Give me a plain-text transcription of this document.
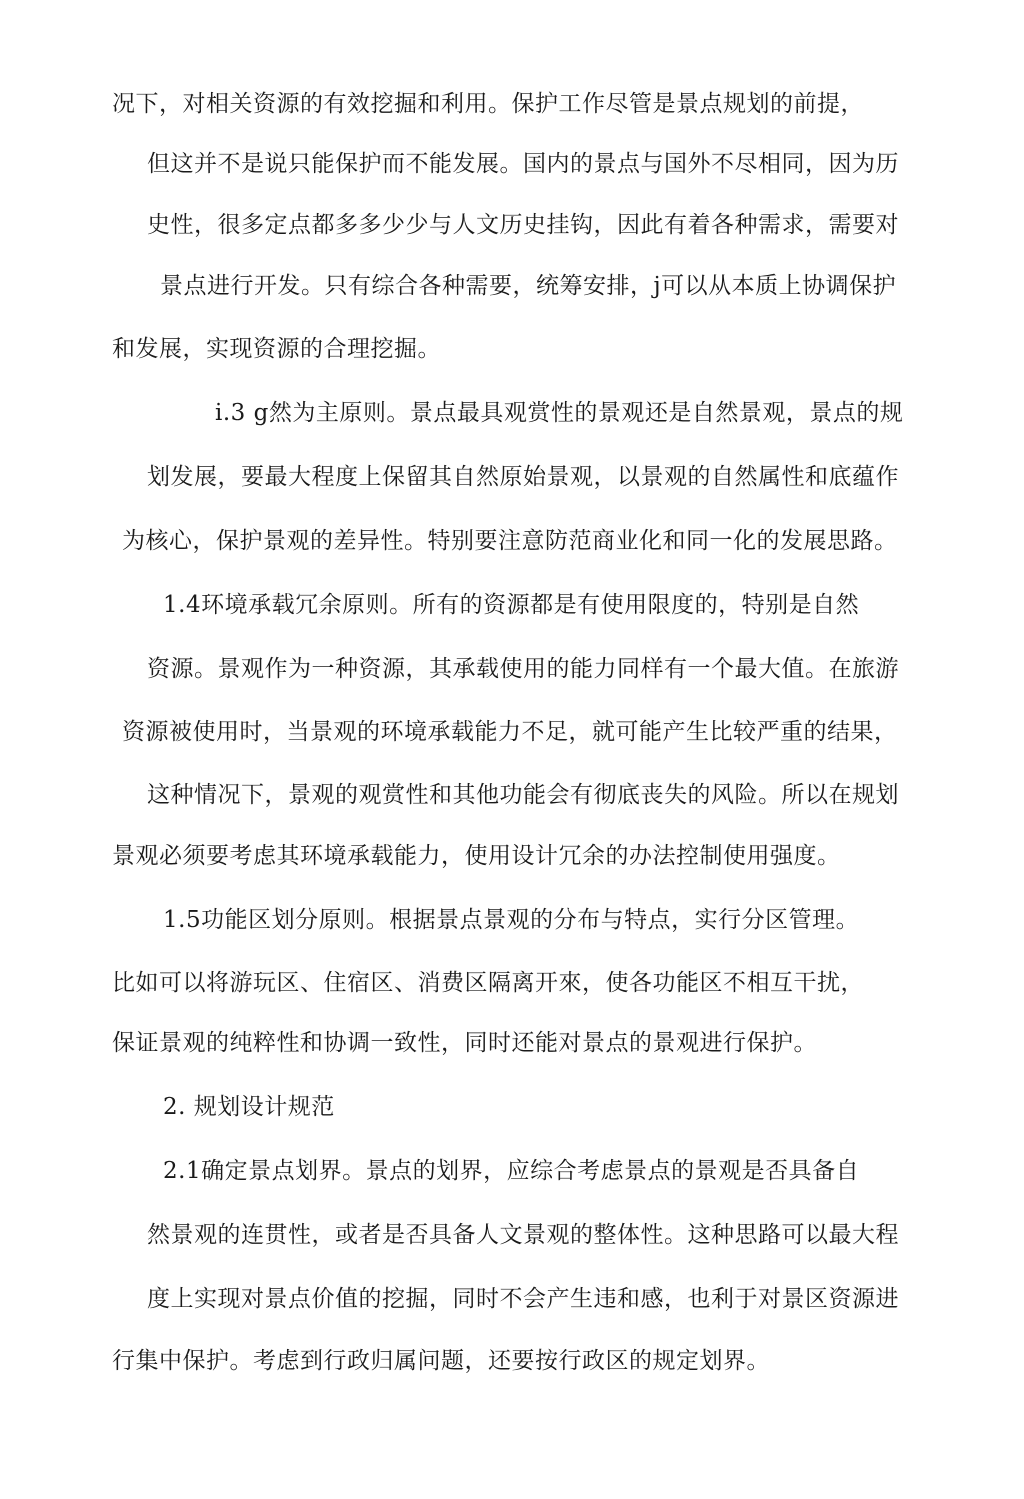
况下，对相关资源的有效挖掘和利用。保护工作尽管是景点规划的前提，
但这并不是说只能保护而不能发展。国内的景点与国外不尽相同，因为历
史性，很多定点都多多少少与人文历史挂钩，因此有着各种需求，需要对
景点进行开发。只有综合各种需要，统筹安排，j可以从本质上协调保护
和发展，实现资源的合理挖掘。
i.3 g然为主原则。景点最具观赏性的景观还是自然景观，景点的规
划发展，要最大程度上保留其自然原始景观，以景观的自然属性和底蕴作
为核心，保护景观的差异性。特别要注意防范商业化和同一化的发展思路。
1.4环境承载冗余原则。所有的资源都是有使用限度的，特别是自然
资源。景观作为一种资源，其承载使用的能力同样有一个最大值。在旅游
资源被使用时，当景观的环境承载能力不足，就可能产生比较严重的结果，
这种情况下，景观的观赏性和其他功能会有彻底丧失的风险。所以在规划
景观必须要考虑其环境承载能力，使用设计冗余的办法控制使用强度。
1.5功能区划分原则。根据景点景观的分布与特点，实行分区管理。
比如可以将游玩区、住宿区、消费区隔离开來，使各功能区不相互干扰，
保证景观的纯粹性和协调一致性，同时还能对景点的景观进行保护。
2. 规划设计规范
2.1确定景点划界。景点的划界，应综合考虑景点的景观是否具备自
然景观的连贯性，或者是否具备人文景观的整体性。这种思路可以最大程
度上实现对景点价值的挖掘，同时不会产生违和感，也利于对景区资源进
行集中保护。考虑到行政归属问题，还要按行政区的规定划界。
